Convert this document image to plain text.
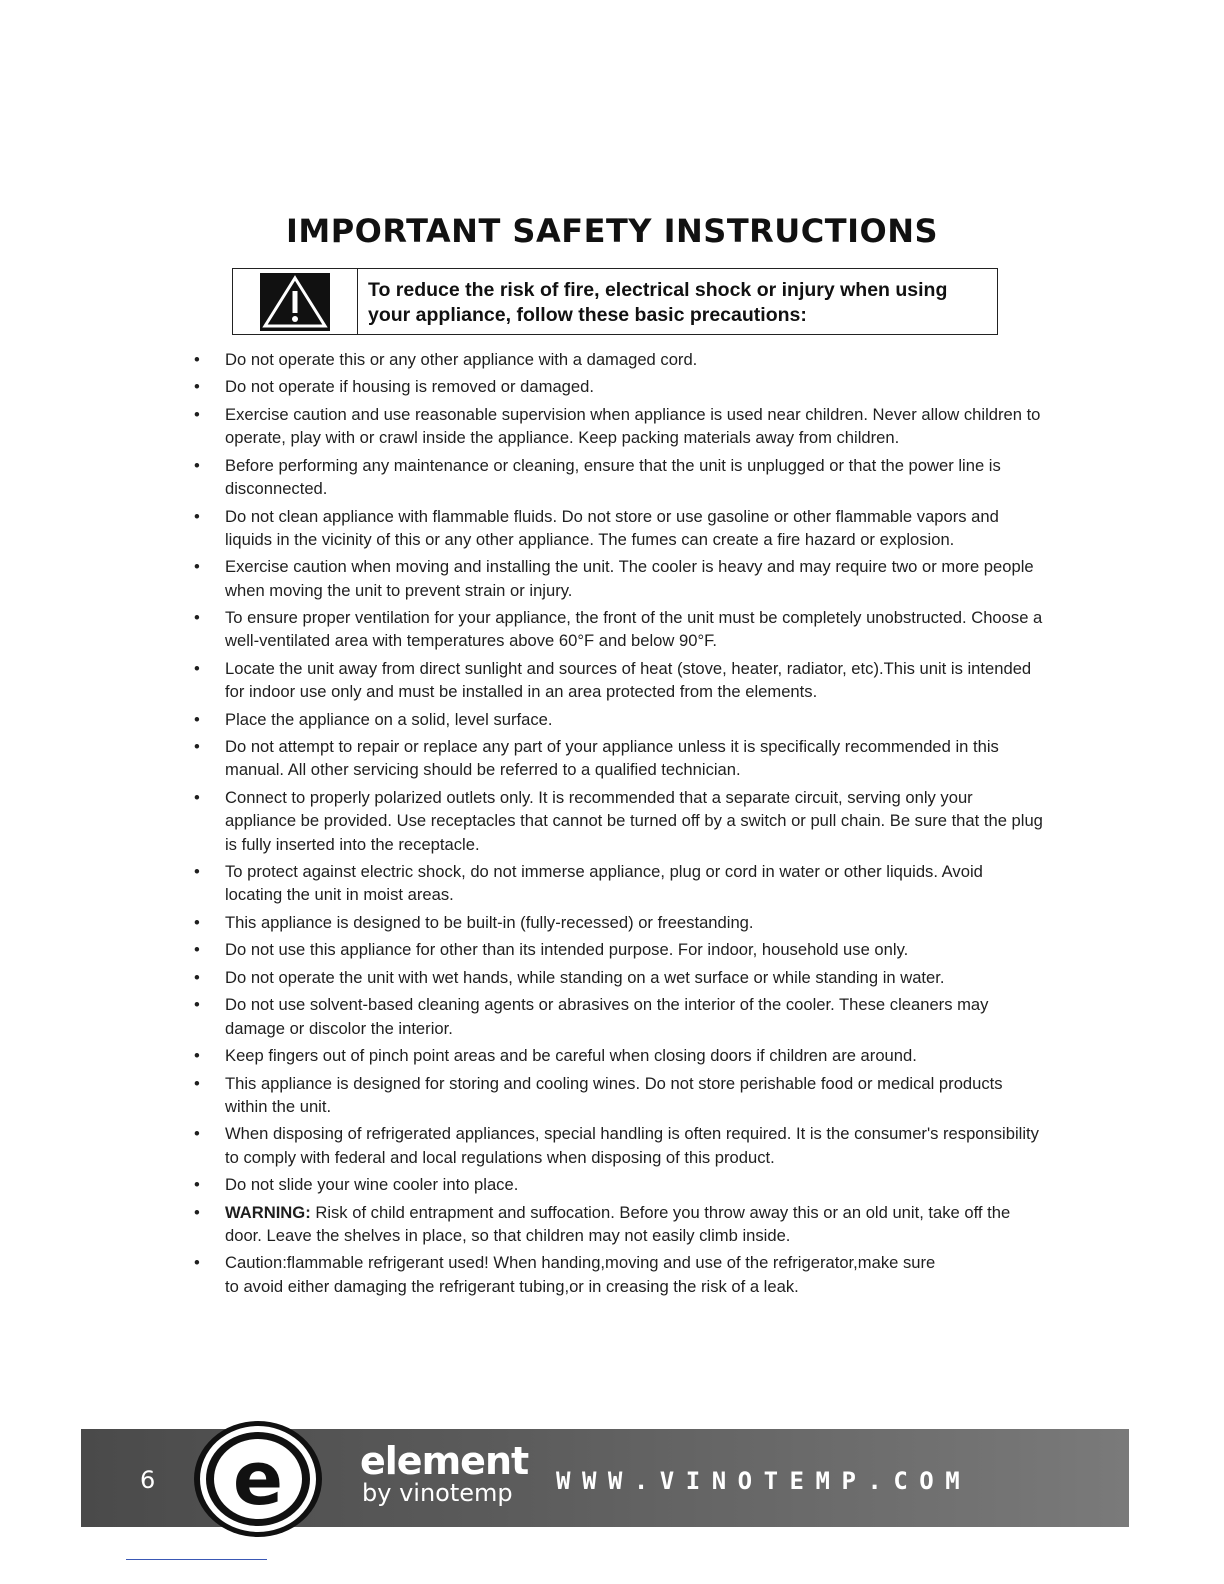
IMPORTANT SAFETY INSTRUCTIONS
To reduce the risk of fire, electrical shock or injury when using
your appliance, follow these basic precautions:
• Do not operate this or any other appliance with a damaged cord.
• Do not operate if housing is removed or damaged.
• Exercise caution and use reasonable supervision when appliance is used near children. Never allow children to operate, play with or crawl inside the appliance. Keep packing materials away from children.
• Before performing any maintenance or cleaning, ensure that the unit is unplugged or that the power line is disconnected.
• Do not clean appliance with flammable fluids. Do not store or use gasoline or other flammable vapors and liquids in the vicinity of this or any other appliance. The fumes can create a fire hazard or explosion.
• Exercise caution when moving and installing the unit. The cooler is heavy and may require two or more people when moving the unit to prevent strain or injury.
• To ensure proper ventilation for your appliance, the front of the unit must be completely unobstructed. Choose a well-ventilated area with temperatures above 60°F and below 90°F.
• Locate the unit away from direct sunlight and sources of heat (stove, heater, radiator, etc).This unit is intended for indoor use only and must be installed in an area protected from the elements.
• Place the appliance on a solid, level surface.
• Do not attempt to repair or replace any part of your appliance unless it is specifically recommended in this manual. All other servicing should be referred to a qualified technician.
• Connect to properly polarized outlets only. It is recommended that a separate circuit, serving only your appliance be provided. Use receptacles that cannot be turned off by a switch or pull chain. Be sure that the plug is fully inserted into the receptacle.
• To protect against electric shock, do not immerse appliance, plug or cord in water or other liquids. Avoid locating the unit in moist areas.
• This appliance is designed to be built-in (fully-recessed) or freestanding.
• Do not use this appliance for other than its intended purpose. For indoor, household use only.
• Do not operate the unit with wet hands, while standing on a wet surface or while standing in water.
• Do not use solvent-based cleaning agents or abrasives on the interior of the cooler. These cleaners may damage or discolor the interior.
• Keep fingers out of pinch point areas and be careful when closing doors if children are around.
• This appliance is designed for storing and cooling wines. Do not store perishable food or medical products within the unit.
• When disposing of refrigerated appliances, special handling is often required. It is the consumer's responsibility to comply with federal and local regulations when disposing of this product.
• Do not slide your wine cooler into place.
• WARNING: Risk of child entrapment and suffocation. Before you throw away this or an old unit, take off the door. Leave the shelves in place, so that children may not easily climb inside.
• Caution:flammable refrigerant used! When handing,moving and use of the refrigerator,make sure
to avoid either damaging the refrigerant tubing,or in creasing the risk of a leak.
6 e element
by vinotemp WWW.VINOTEMP.COM
